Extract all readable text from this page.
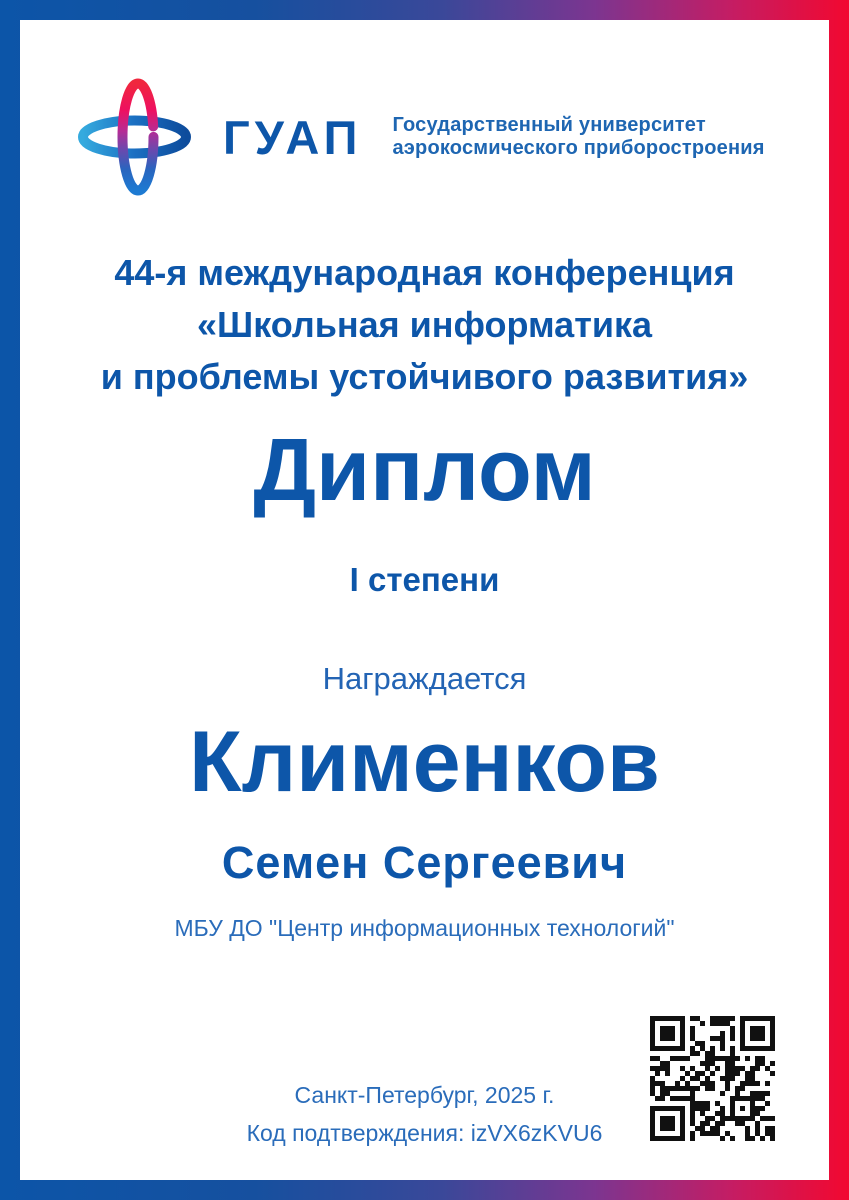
ГУАП Государственный университет
аэрокосмического приборостроения
44-я международная конференция
«Школьная информатика
и проблемы устойчивого развития»
Диплом
I степени
Награждается
Клименков
Семен Сергеевич
МБУ ДО "Центр информационных технологий"
Санкт-Петербург, 2025 г.
Код подтверждения: izVX6zKVU6
